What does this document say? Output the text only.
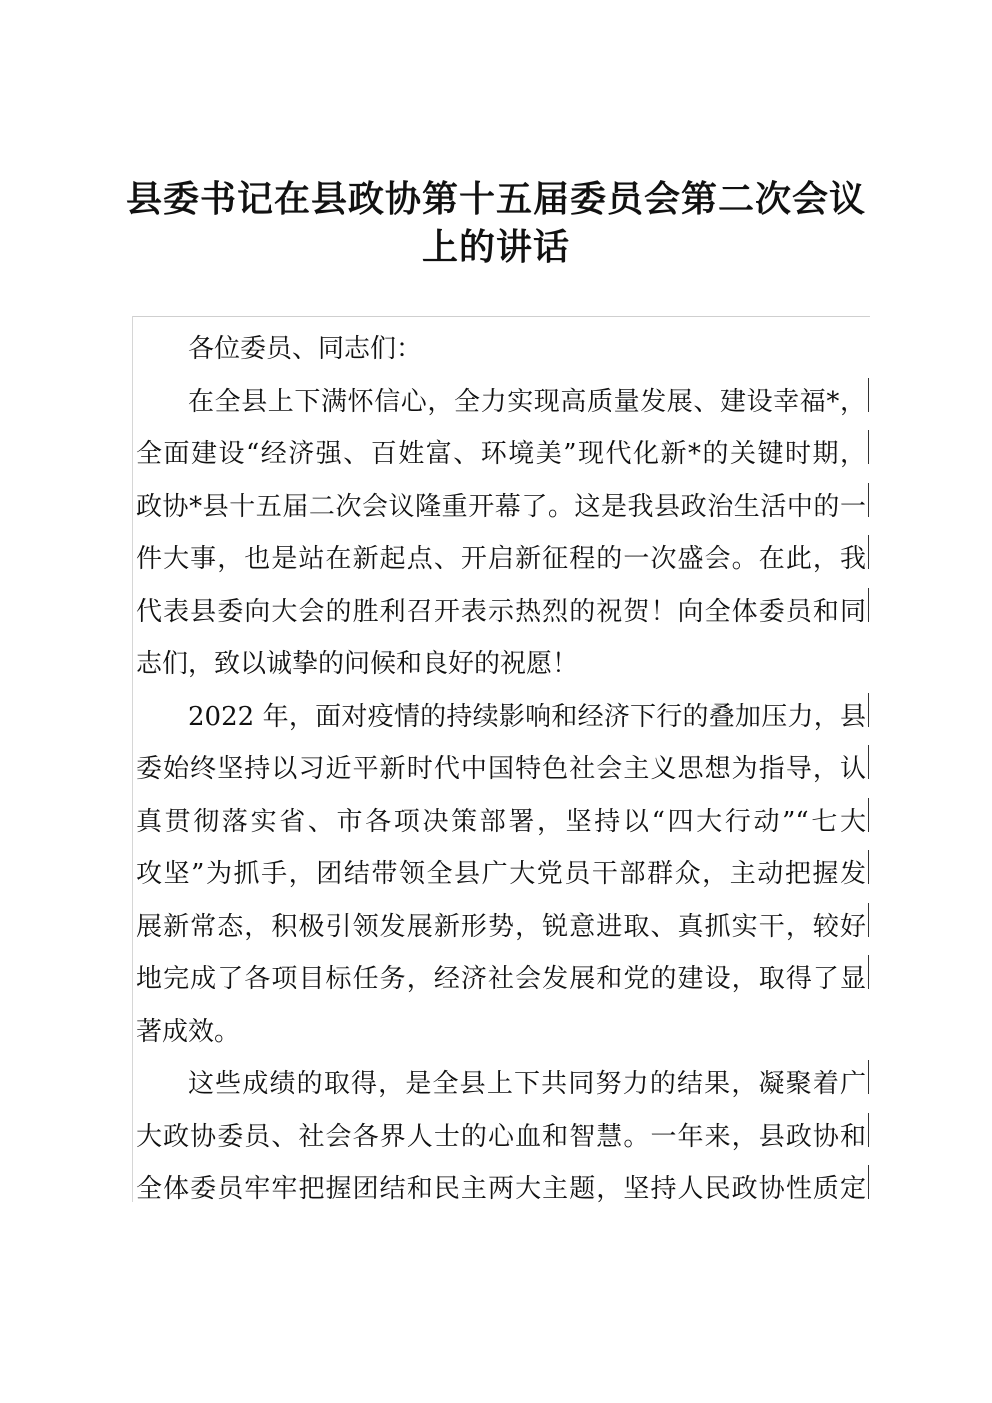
县委书记在县政协第十五届委员会第二次会议
上的讲话
各位委员、同志们：
在全县上下满怀信心，全力实现高质量发展、建设幸福*，
全面建设“经济强、百姓富、环境美”现代化新*的关键时期，
政协*县十五届二次会议隆重开幕了。这是我县政治生活中的一
件大事，也是站在新起点、开启新征程的一次盛会。在此，我
代表县委向大会的胜利召开表示热烈的祝贺！向全体委员和同
志们，致以诚挚的问候和良好的祝愿！
2022 年，面对疫情的持续影响和经济下行的叠加压力，县
委始终坚持以习近平新时代中国特色社会主义思想为指导，认
真贯彻落实省、市各项决策部署，坚持以“四大行动”“七大
攻坚”为抓手，团结带领全县广大党员干部群众，主动把握发
展新常态，积极引领发展新形势，锐意进取、真抓实干，较好
地完成了各项目标任务，经济社会发展和党的建设，取得了显
著成效。
这些成绩的取得，是全县上下共同努力的结果，凝聚着广
大政协委员、社会各界人士的心血和智慧。一年来，县政协和
全体委员牢牢把握团结和民主两大主题，坚持人民政协性质定
